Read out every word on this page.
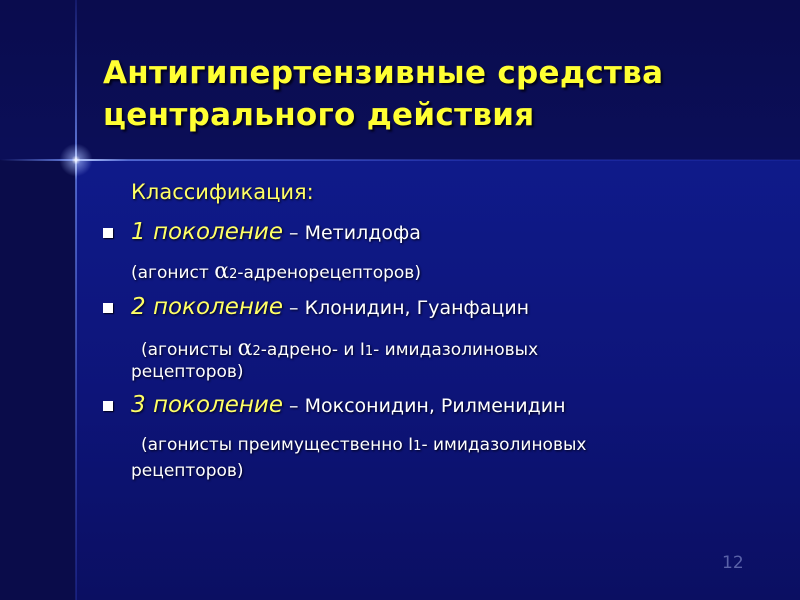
Антигипертензивные средства
центрального действия
Классификация:
1 поколение – Метилдофа
(агонист α2-адренорецепторов)
2 поколение – Клонидин, Гуанфацин
(агонисты α2-адрено- и I1- имидазолиновых
рецепторов)
3 поколение – Моксонидин, Рилменидин
(агонисты преимущественно I1- имидазолиновых
рецепторов)
12
